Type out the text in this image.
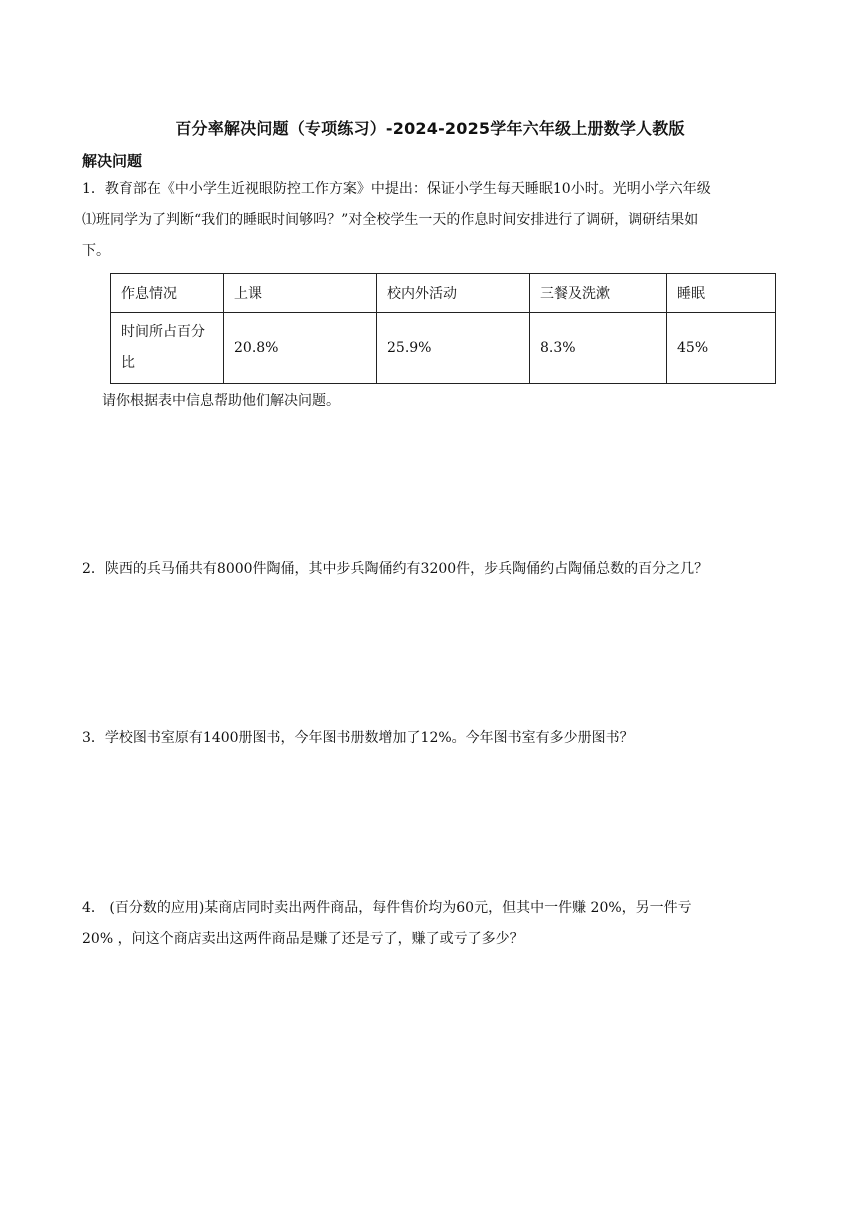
百分率解决问题（专项练习）-2024-2025学年六年级上册数学人教版
解决问题

1．教育部在《中小学生近视眼防控工作方案》中提出：保证小学生每天睡眠10小时。光明小学六年级

⑴班同学为了判断“我们的睡眠时间够吗？”对全校学生一天的作息时间安排进行了调研，调研结果如

下。

作息情况	上课	校内外活动	三餐及洗漱	睡眠

时间所占百分
比	20.8%	25.9%	8.3%	45%

请你根据表中信息帮助他们解决问题。

2．陕西的兵马俑共有8000件陶俑，其中步兵陶俑约有3200件，步兵陶俑约占陶俑总数的百分之几？

3．学校图书室原有1400册图书，今年图书册数增加了12%。今年图书室有多少册图书？

4． (百分数的应用)某商店同时卖出两件商品，每件售价均为60元，但其中一件赚 20%，另一件亏

20% ，问这个商店卖出这两件商品是赚了还是亏了，赚了或亏了多少？
